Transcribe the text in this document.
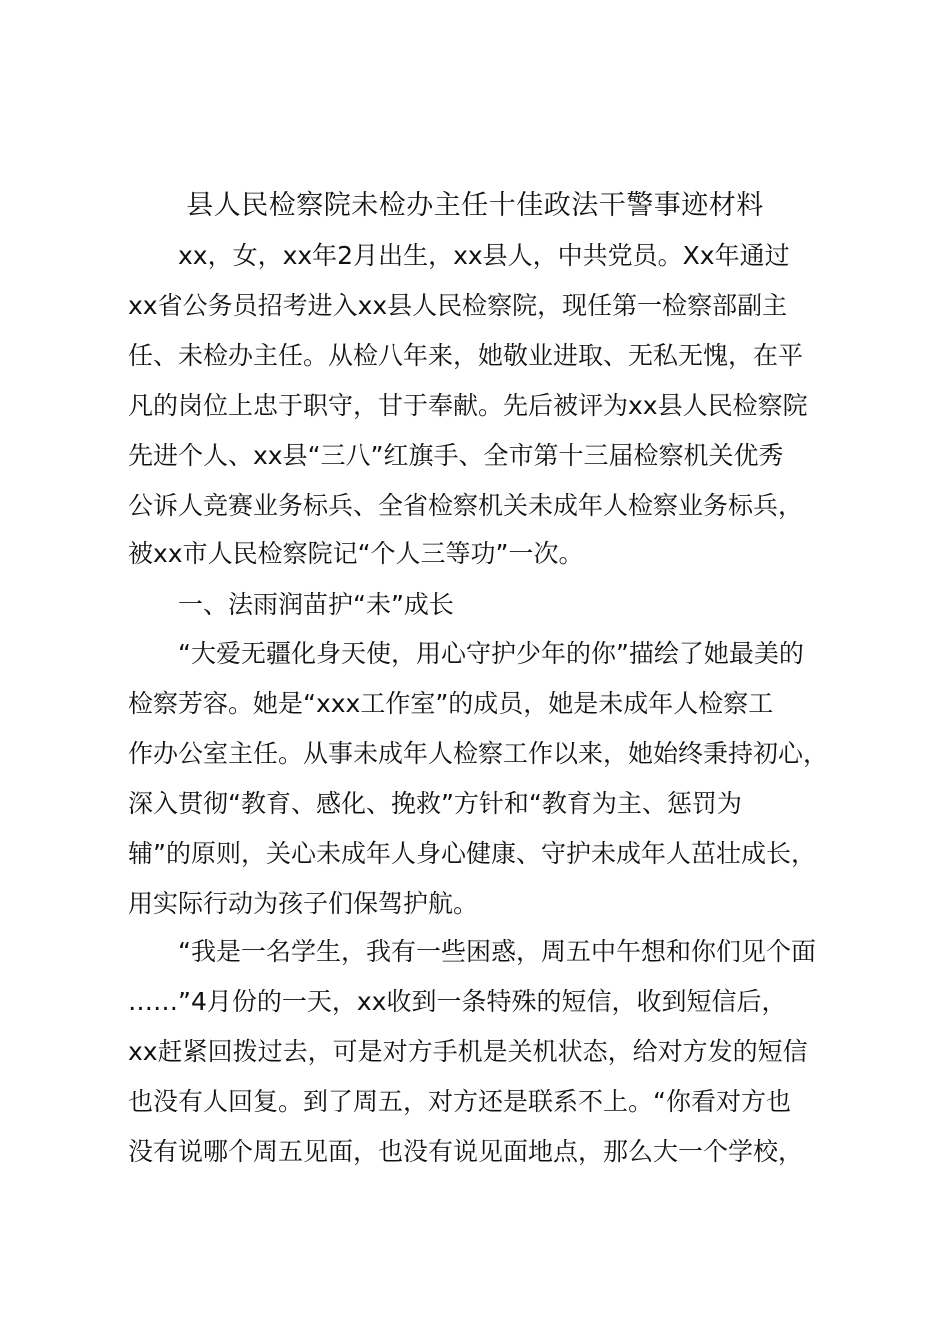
县人民检察院未检办主任十佳政法干警事迹材料
xx，女，xx年2月出生，xx县人，中共党员。Xx年通过
xx省公务员招考进入xx县人民检察院，现任第一检察部副主
任、未检办主任。从检八年来，她敬业进取、无私无愧，在平
凡的岗位上忠于职守，甘于奉献。先后被评为xx县人民检察院
先进个人、xx县“三八”红旗手、全市第十三届检察机关优秀
公诉人竞赛业务标兵、全省检察机关未成年人检察业务标兵，
被xx市人民检察院记“个人三等功”一次。
一、法雨润苗护“未”成长
“大爱无疆化身天使，用心守护少年的你”描绘了她最美的
检察芳容。她是“xxx工作室”的成员，她是未成年人检察工
作办公室主任。从事未成年人检察工作以来，她始终秉持初心，
深入贯彻“教育、感化、挽救”方针和“教育为主、惩罚为
辅”的原则，关心未成年人身心健康、守护未成年人茁壮成长，
用实际行动为孩子们保驾护航。
“我是一名学生，我有一些困惑，周五中午想和你们见个面
……”4月份的一天，xx收到一条特殊的短信，收到短信后，
xx赶紧回拨过去，可是对方手机是关机状态，给对方发的短信
也没有人回复。到了周五，对方还是联系不上。“你看对方也
没有说哪个周五见面，也没有说见面地点，那么大一个学校，
